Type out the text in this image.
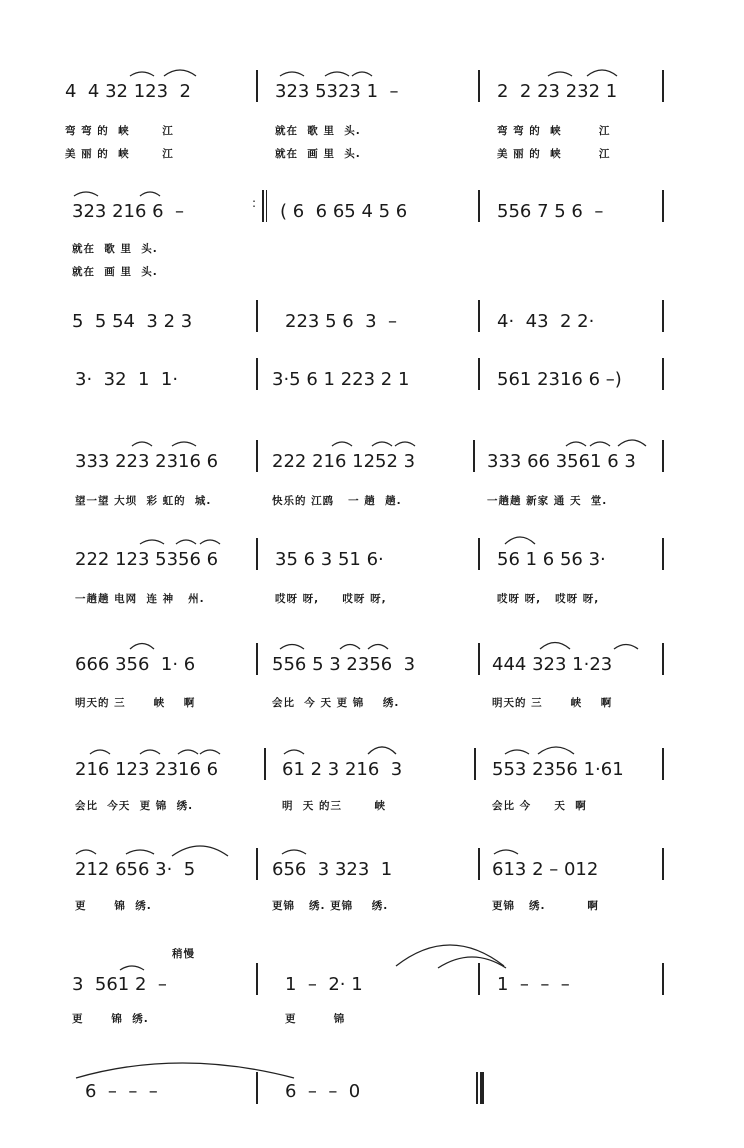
4  4 32 123  2	323 5323 1  –	2  2 23 232 1
弯 弯 的  峡       江	就在  歌 里  头.	弯 弯 的  峡        江
美 丽 的  峡       江	就在  画 里  头.	美 丽 的  峡        江
323 216 6  –	( 6  6 65 4 5 6	556 7 5 6  –
就在  歌 里  头.
就在  画 里  头.
:
5  5 54  3 2 3	223 5 6  3  –	4·  43  2 2·
3·  32  1  1·	3·5 6 1 223 2 1	561 2316 6 –)
333 223 2316 6	222 216 1252 3	333 66 3561 6 3
望一望 大坝  彩 虹的  城.	快乐的 江鸥   一 趟  趟.	一趟趟 新家 通 天  堂.
222 123 5356 6	35 6 3 51 6·	56 1 6 56 3·
一趟趟 电网  连 神   州.	哎呀 呀,     哎呀 呀,	哎呀 呀,   哎呀 呀,
666 356  1· 6	556 5 3 2356  3	444 323 1·23
明天的 三      峡    啊	会比  今 天 更 锦    绣.	明天的 三      峡    啊
216 123 2316 6	61 2 3 216  3	553 2356 1·61
会比  今天  更 锦  绣.	明  天 的三       峡	会比 今     天  啊
212 656 3·  5	656  3 323  1	613 2 – 012
更      锦  绣.	更锦   绣. 更锦    绣.	更锦   绣.         啊
稍慢
3  561 2  –	1  –  2· 1	1  –  –  –
更      锦  绣.	更        锦
6  –  –  –	6  –  –  0
